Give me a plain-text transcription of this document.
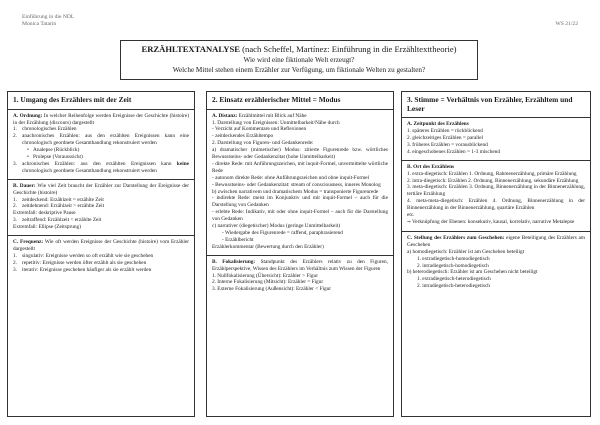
Einführung in die NDL
Monica Tatarin	WS 21/22
ERZÄHLTEXTANALYSE (nach Scheffel, Martínez: Einführung in die Erzähltexttheorie)
Wie wird eine fiktionale Welt erzeugt?
Welche Mittel stehen einem Erzähler zur Verfügung, um fiktionale Welten zu gestalten?
1. Umgang des Erzählers mit der Zeit

A. Ordnung: In welcher Reihenfolge werden Ereignisse der Geschichte (histoire) in der Erzählung (discours) dargestellt

1. chronologisches Erzählen
2. anachronisches Erzählen: aus den erzählten Ereignissen kann eine chronologisch geordnete Gesamthandlung rekonstruiert werden
• Analepse (Rückblick)
• Prolepse (Vorausssicht)
3. achronisches Erzählen: aus den erzählten Ereignissen kann keine chronologisch geordnete Gesamthandlung rekonstruiert werden

B. Dauer: Wie viel Zeit braucht der Erzähler zur Darstellung der Ereignisse der Geschichte (histoire)

1. zeitdeckend: Erzählzeit = erzählte Zeit
2. zeitdehnend: Erzählzeit > erzählte Zeit

Extremfall: deskriptive Pause

3. zeitraffend: Erzählzeit < erzählte Zeit

Extremfall: Ellipse (Zeitsprung)

C. Frequenz: Wie oft werden Ereignisse der Geschichte (histoire) vom Erzähler dargestellt

1. singulativ: Ereignisse werden so oft erzählt wie sie geschehen
2. repetitiv: Ereignisse werden öfter erzählt als sie geschehen
3. iterativ: Ereignisse geschehen häufiger als sie erzählt werden
2. Einsatz erzählerischer Mittel = Modus

A. Distanz: Erzählmittel mit Blick auf Nähe

1. Darstellung von Ereignissen: Unmittelbarkeit/Nähe durch

- Verzicht auf Kommentare und Reflexionen

- zeitdeckendes Erzähltempo

2. Darstellung von Figuren- und Gedankenrede:

a) dramatischer (mimetischer) Modus: zitierte Figurenrede bzw. wörtliches Bewusstseins- oder Gedankenzitat (hohe Unmittelbarkeit)

- direkte Rede: mit Anführungszeichen, mit inquit-Formel, unvermittelte wörtliche Rede

- autonom direkte Rede: ohne Anführungszeichen und ohne inquit-Formel

- Bewusstseins- oder Gedankenzitat: stream of consciousness, inneres Monolog

b) zwischen narrativem und dramatischem Modus = transponierte Figurenrede

- indirekte Rede: meist im Konjunktiv und mit inquit-Formel – auch für die Darstellung von Gedanken

- erlebte Rede: Indikativ, mit oder ohne inquit-Formel – auch für die Darstellung von Gedanken

c) narrativer (diegetischer) Modus (geringe Unmittelbarkeit)

- Wiedergabe des Figurenrede = raffend, paraphrasierend

- Erzählbericht

Erzählerkommentar (Bewertung durch den Erzähler)

B. Fokalisierung: Standpunkt des Erzählers relativ zu den Figuren, Erzählperspektive, Wissen des Erzählers im Verhältnis zum Wissen der Figuren

1. Nullfokalisierung (Übersicht): Erzähler > Figur

2. Interne Fokalisierung (Mitsicht): Erzähler = Figur

3. Externe Fokalisierung (Außensicht): Erzähler < Figur

3. Stimme = Verhältnis von Erzähler, Erzähltem und Leser

A. Zeitpunkt des Erzählens

1. späteres Erzählen = rückblickend

2. gleichzeitiges Erzählen = parallel

3. früheres Erzählen = vorausblickend

4. eingeschobenes Erzählen = 1-3 mischend

B. Ort des Erzählens

1. extra-diegetisch: Erzählen 1. Ordnung, Rahmenerzählung, primäre Erzählung

2. intra-diegetisch: Erzählen 2. Ordnung, Binnenerzählung, sekundäre Erzählung

3. meta-diegetisch: Erzählen 3. Ordnung, Binnenerzählung in der Binnenerzählung, tertiäre Erzählung

4. meta-meta-diegetisch: Erzählen 4. Ordnung, Binnenerzählung in der Binnenerzählung in der Binnenerzählung, quartäre Erzählen

etc.

⇒ Verknüpfung der Ebenen: konsekutiv, kausal, korrelativ, narrative Metalepse

C. Stellung des Erzählers zum Geschehen: eigene Beteiligung des Erzählers am Geschehen

a) homodiegetisch: Erzähler ist am Geschehen beteiligt

1. extradiegetisch-homodiegetisch

2. intradiegetisch-homodiegetisch

b) heterodiegetisch: Erzähler ist am Geschehen nicht beteiligt

1. extradiegetisch-heterodiegetisch

2. intradiegetisch-heterodiegetisch
